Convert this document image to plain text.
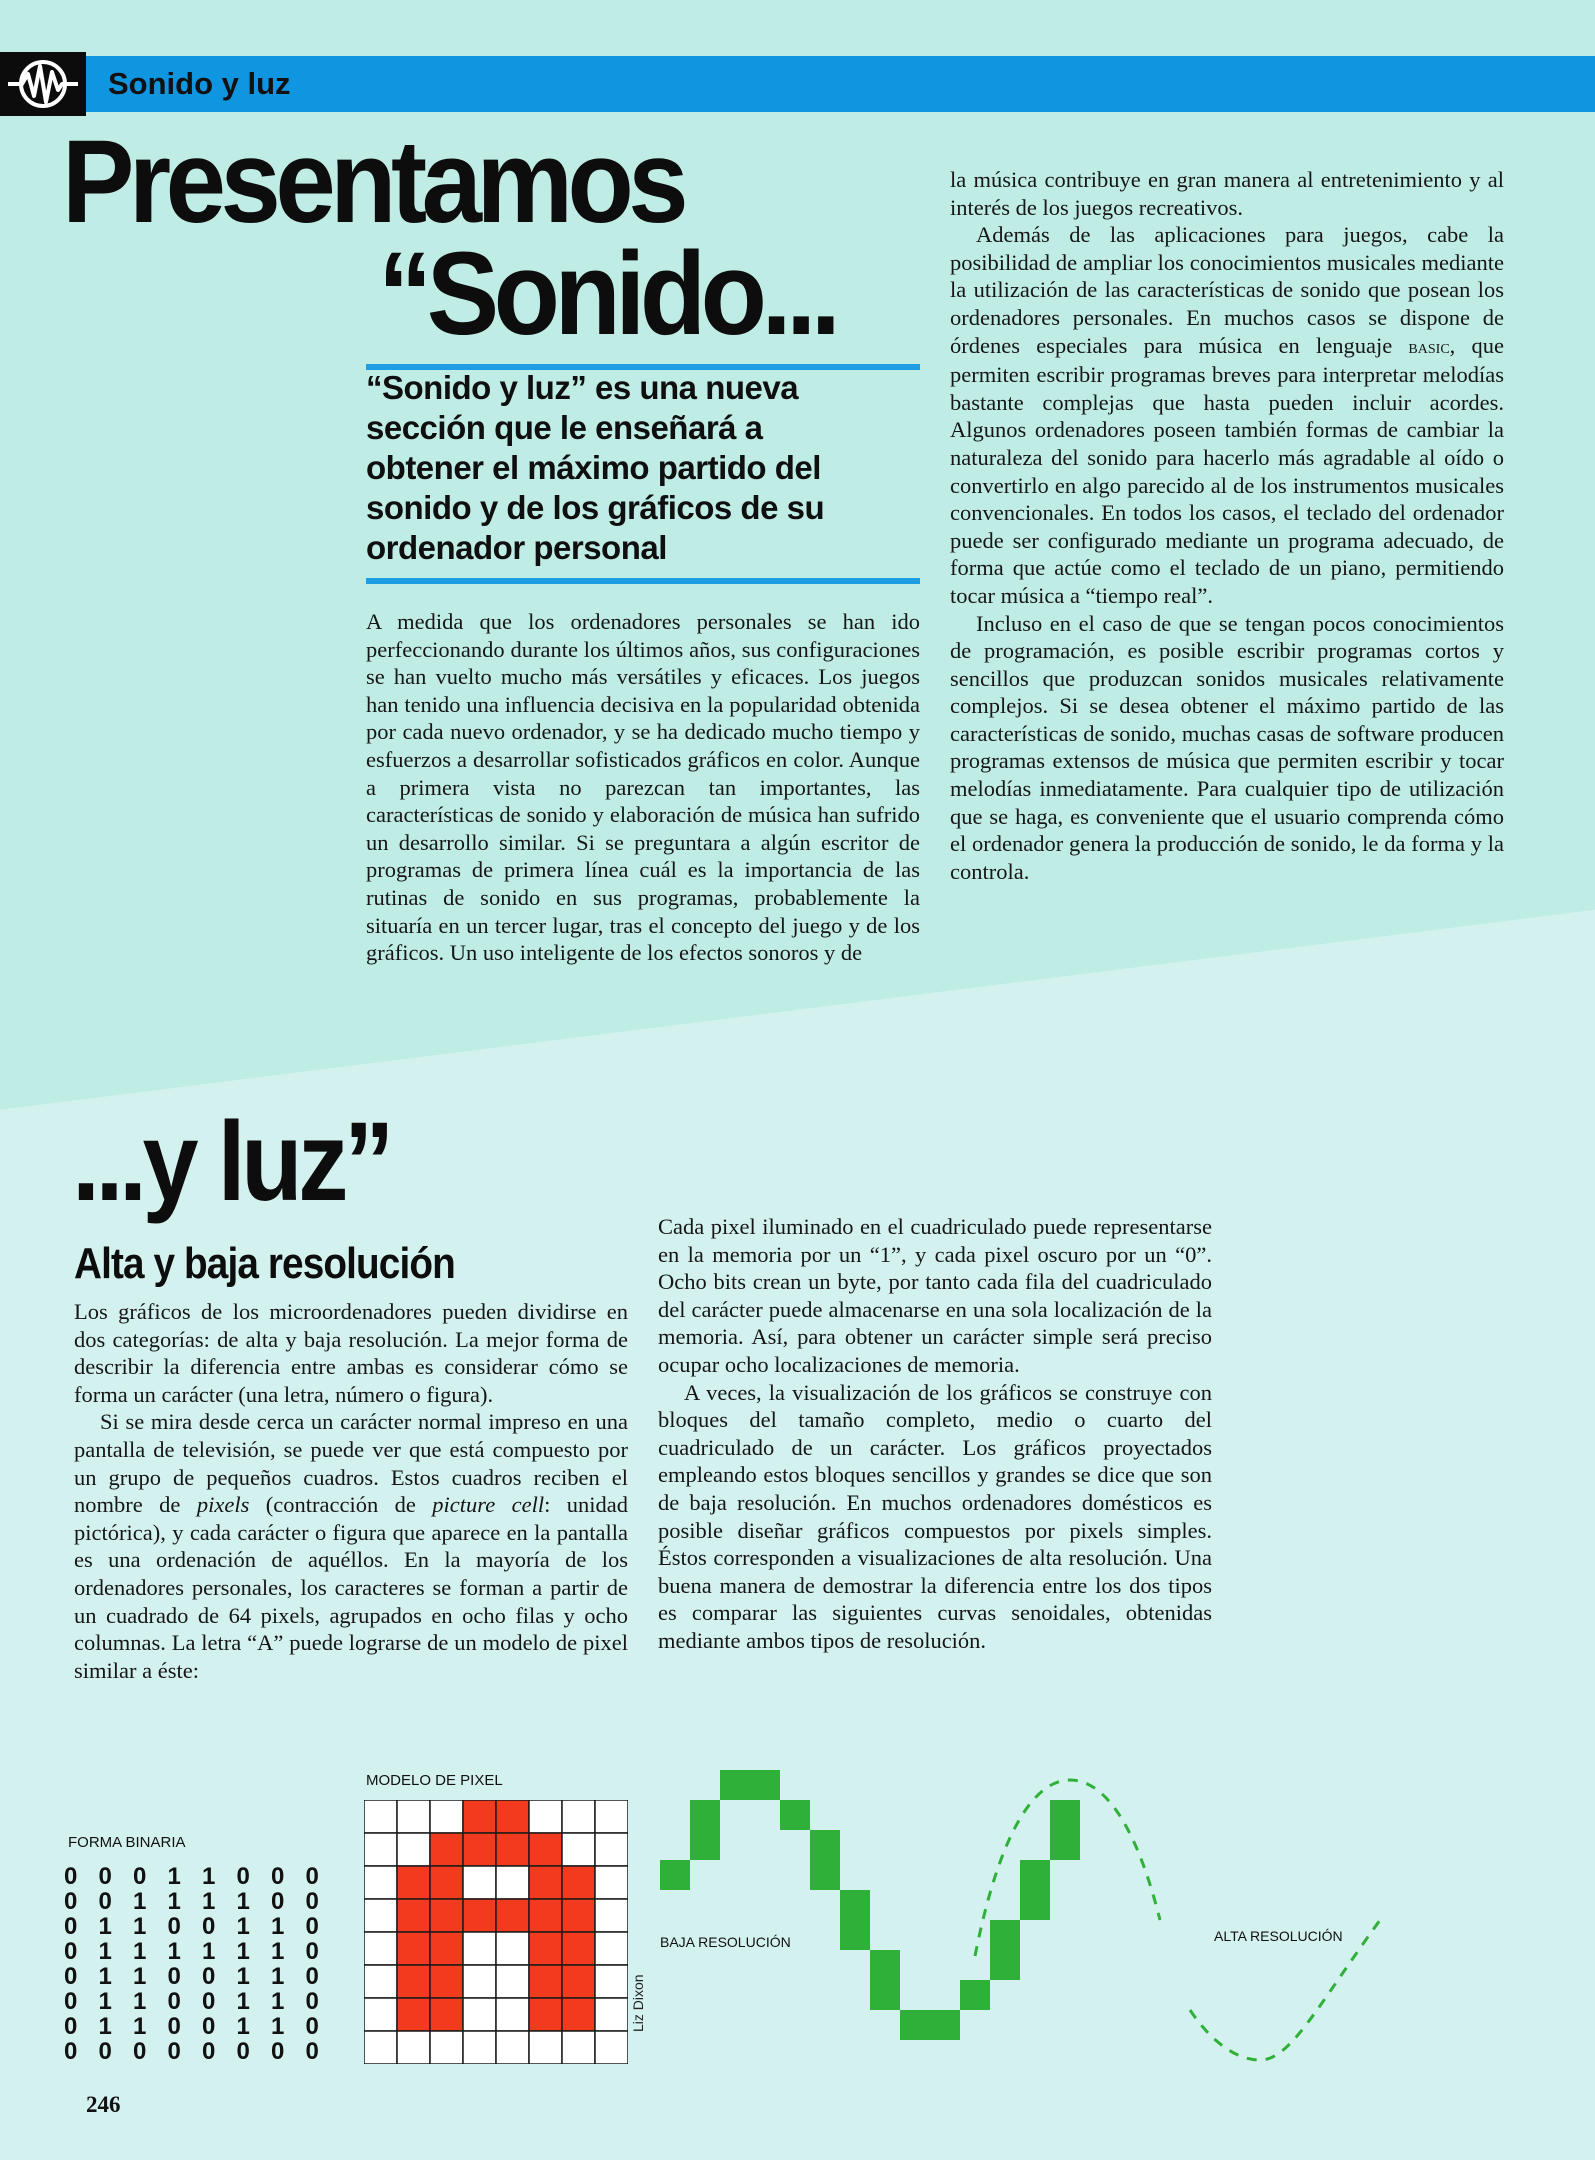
Sonido y luz
Presentamos
“Sonido...
“Sonido y luz” es una nueva
sección que le enseñará a
obtener el máximo partido del
sonido y de los gráficos de su
ordenador personal

A medida que los ordenadores personales se han ido perfeccionando durante los últimos años, sus configuraciones se han vuelto mucho más versátiles y eficaces. Los juegos han tenido una influencia decisiva en la popularidad obtenida por cada nuevo ordenador, y se ha dedicado mucho tiempo y esfuerzos a desarrollar sofisticados gráficos en color. Aunque a primera vista no parezcan tan importantes, las características de sonido y elaboración de música han sufrido un desarrollo similar. Si se preguntara a algún escritor de programas de primera línea cuál es la importancia de las rutinas de sonido en sus programas, probablemente la situaría en un tercer lugar, tras el concepto del juego y de los gráficos. Un uso inteligente de los efectos sonoros y de

la música contribuye en gran manera al entretenimiento y al interés de los juegos recreativos.

Además de las aplicaciones para juegos, cabe la posibilidad de ampliar los conocimientos musicales mediante la utilización de las características de sonido que posean los ordenadores personales. En muchos casos se dispone de órdenes especiales para música en lenguaje basic, que permiten escribir programas breves para interpretar melodías bastante complejas que hasta pueden incluir acordes. Algunos ordenadores poseen también formas de cambiar la naturaleza del sonido para hacerlo más agradable al oído o convertirlo en algo parecido al de los instrumentos musicales convencionales. En todos los casos, el teclado del ordenador puede ser configurado mediante un programa adecuado, de forma que actúe como el teclado de un piano, permitiendo tocar música a “tiempo real”.

Incluso en el caso de que se tengan pocos conocimientos de programación, es posible escribir programas cortos y sencillos que produzcan sonidos musicales relativamente complejos. Si se desea obtener el máximo partido de las características de sonido, muchas casas de software producen programas extensos de música que permiten escribir y tocar melodías inmediatamente. Para cualquier tipo de utilización que se haga, es conveniente que el usuario comprenda cómo el ordenador genera la producción de sonido, le da forma y la controla.

...y luz”
Alta y baja resolución

Los gráficos de los microordenadores pueden dividirse en dos categorías: de alta y baja resolución. La mejor forma de describir la diferencia entre ambas es considerar cómo se forma un carácter (una letra, número o figura).

Si se mira desde cerca un carácter normal impreso en una pantalla de televisión, se puede ver que está compuesto por un grupo de pequeños cuadros. Estos cuadros reciben el nombre de pixels (contracción de picture cell: unidad pictórica), y cada carácter o figura que aparece en la pantalla es una ordenación de aquéllos. En la mayoría de los ordenadores personales, los caracteres se forman a partir de un cuadrado de 64 pixels, agrupados en ocho filas y ocho columnas. La letra “A” puede lograrse de un modelo de pixel similar a éste:

Cada pixel iluminado en el cuadriculado puede representarse en la memoria por un “1”, y cada pixel oscuro por un “0”. Ocho bits crean un byte, por tanto cada fila del cuadriculado del carácter puede almacenarse en una sola localización de la memoria. Así, para obtener un carácter simple será preciso ocupar ocho localizaciones de memoria.

A veces, la visualización de los gráficos se construye con bloques del tamaño completo, medio o cuarto del cuadriculado de un carácter. Los gráficos proyectados empleando estos bloques sencillos y grandes se dice que son de baja resolución. En muchos ordenadores domésticos es posible diseñar gráficos compuestos por pixels simples. Éstos corresponden a visualizaciones de alta resolución. Una buena manera de demostrar la diferencia entre los dos tipos es comparar las siguientes curvas senoidales, obtenidas mediante ambos tipos de resolución.

FORMA BINARIA
0 0 0 1 1 0 0 0
0 0 1 1 1 1 0 0
0 1 1 0 0 1 1 0
0 1 1 1 1 1 1 0
0 1 1 0 0 1 1 0
0 1 1 0 0 1 1 0
0 1 1 0 0 1 1 0
0 0 0 0 0 0 0 0
MODELO DE PIXEL
Liz Dixon
BAJA RESOLUCIÓN	ALTA RESOLUCIÓN
246
